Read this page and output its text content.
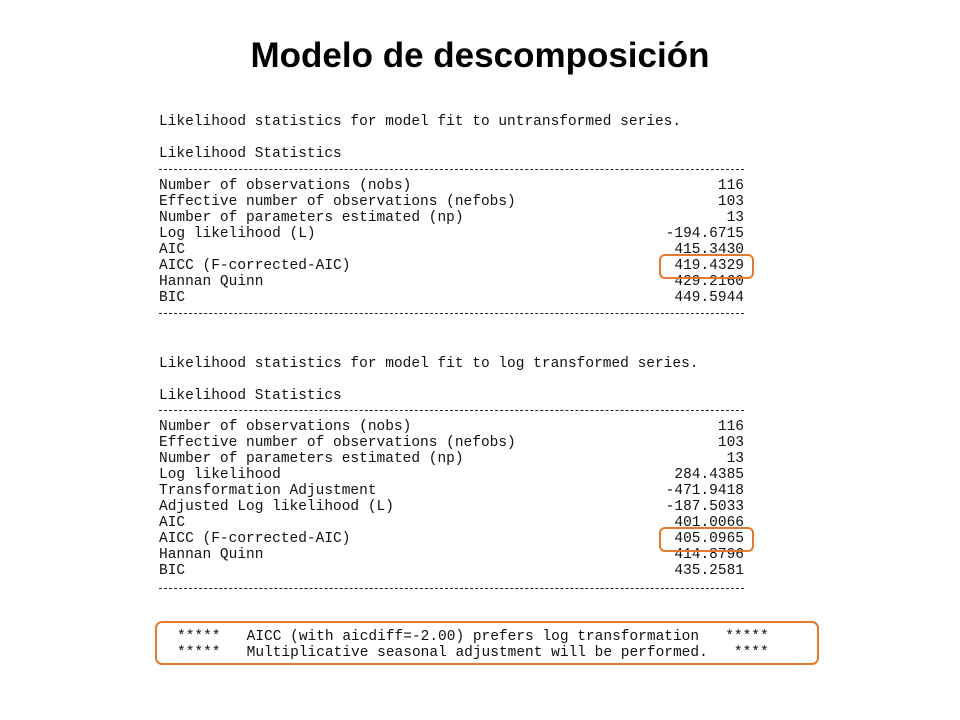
Modelo de descomposición
Likelihood statistics for model fit to untransformed series.
Likelihood Statistics
Number of observations (nobs)	116
Effective number of observations (nefobs)	103
Number of parameters estimated (np)	13
Log likelihood (L)	-194.6715
AIC	415.3430
AICC (F-corrected-AIC)	419.4329
Hannan Quinn	429.2160
BIC	449.5944
Likelihood statistics for model fit to log transformed series.
Likelihood Statistics
Number of observations (nobs)	116
Effective number of observations (nefobs)	103
Number of parameters estimated (np)	13
Log likelihood	284.4385
Transformation Adjustment	-471.9418
Adjusted Log likelihood (L)	-187.5033
AIC	401.0066
AICC (F-corrected-AIC)	405.0965
Hannan Quinn	414.8796
BIC	435.2581
*****   AICC (with aicdiff=-2.00) prefers log transformation   *****
*****   Multiplicative seasonal adjustment will be performed.   ****
